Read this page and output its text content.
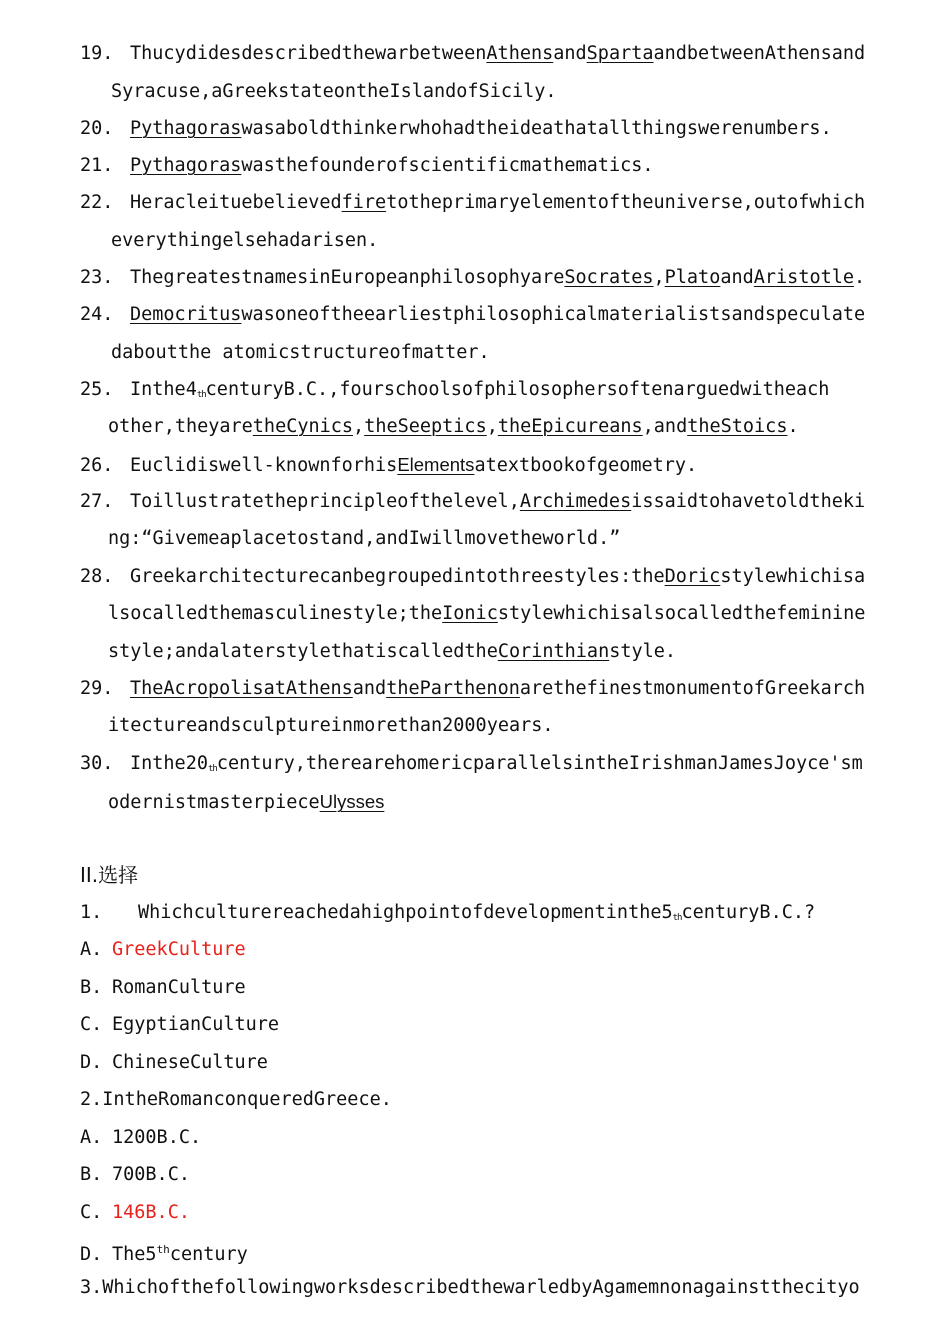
19. ThucydidesdescribedthewarbetweenAthensandSpartaandbetweenAthensand
Syracuse,aGreekstateontheIslandofSicily.
20. Pythagoraswasaboldthinkerwhohadtheideathatallthingswerenumbers.
21. Pythagoraswasthefounderofscientificmathematics.
22. Heracleituebelievedfiretotheprimaryelementoftheuniverse,outofwhich
everythingelsehadarisen.
23. ThegreatestnamesinEuropeanphilosophyareSocrates,PlatoandAristotle.
24. Democrituswasoneoftheearliestphilosophicalmaterialistsandspeculate
daboutthe atomicstructureofmatter.
25. $Inthe4_{th}centuryB.C.,fourschoolsofphilosophersoftenarguedwitheach$
other,theyaretheCynics,theSeeptics,theEpicureans,andtheStoics.
26. Euclidiswell-knownforhisElementsatextbookofgeometry.
27. Toillustratetheprincipleofthelevel,Archimedesissaidtohavetoldtheki
ng:“Givemeaplacetostand,andIwillmovetheworld.”
28. Greekarchitecturecanbegroupedintothreestyles:theDoricstylewhichisa
lsocalledthemasculinestyle;theIonicstylewhichisalsocalledthefeminine
style;andalaterstylethatiscalledtheCorinthianstyle.
29. TheAcropolisatAthensandtheParthenonarethefinestmonumentofGreekarch
itectureandsculptureinmorethan2000years.
30. $Inthe20_{th}century,therearehomericparallelsintheIrishmanJamesJoyce'sm$
odernistmasterpieceUlysses
II.选择
1. $Whichculturereachedahighpointofdevelopmentinthe5_{th}centuryB.C$.?
A. GreekCulture
B. RomanCulture
C. EgyptianCulture
D. ChineseCulture
2.IntheRomanconqueredGreece.
A. 1200B.C.
B. 700B.C.
C. 146B.C.
D. The5thcentury
3.WhichofthefollowingworksdescribedthewarledbyAgamemnonagainstthecityo
